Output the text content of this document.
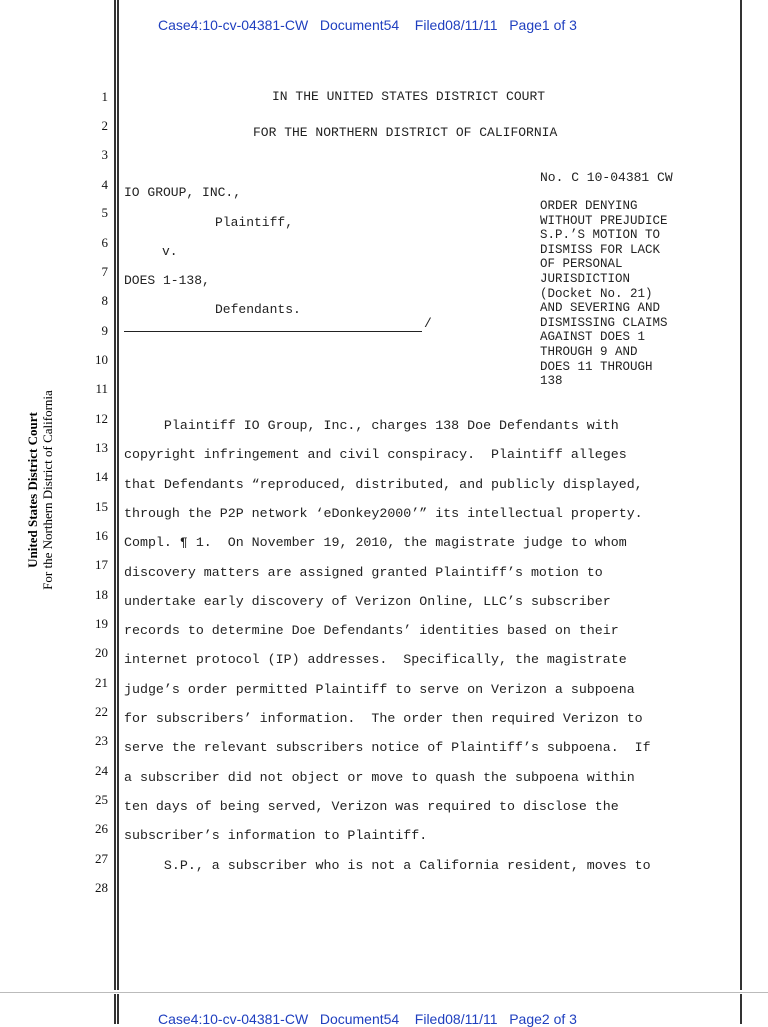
Case4:10-cv-04381-CW   Document54    Filed08/11/11   Page1 of 3
United States District Court For the Northern District of California
1
2
3
4
5
6
7
8
9
10
11
12
13
14
15
16
17
18
19
20
21
22
23
24
25
26
27
28
IN THE UNITED STATES DISTRICT COURT
FOR THE NORTHERN DISTRICT OF CALIFORNIA
IO GROUP, INC.,
Plaintiff,
v.
DOES 1-138,
Defendants.
/
No. C 10-04381 CW
ORDER DENYING
WITHOUT PREJUDICE
S.P.’S MOTION TO
DISMISS FOR LACK
OF PERSONAL
JURISDICTION
(Docket No. 21)
AND SEVERING AND
DISMISSING CLAIMS
AGAINST DOES 1
THROUGH 9 AND
DOES 11 THROUGH
138
Plaintiff IO Group, Inc., charges 138 Doe Defendants with
copyright infringement and civil conspiracy.  Plaintiff alleges
that Defendants “reproduced, distributed, and publicly displayed,
through the P2P network ‘eDonkey2000’” its intellectual property.
Compl. ¶ 1.  On November 19, 2010, the magistrate judge to whom
discovery matters are assigned granted Plaintiff’s motion to
undertake early discovery of Verizon Online, LLC’s subscriber
records to determine Doe Defendants’ identities based on their
internet protocol (IP) addresses.  Specifically, the magistrate
judge’s order permitted Plaintiff to serve on Verizon a subpoena
for subscribers’ information.  The order then required Verizon to
serve the relevant subscribers notice of Plaintiff’s subpoena.  If
a subscriber did not object or move to quash the subpoena within
ten days of being served, Verizon was required to disclose the
subscriber’s information to Plaintiff.
S.P., a subscriber who is not a California resident, moves to
Case4:10-cv-04381-CW   Document54    Filed08/11/11   Page2 of 3
